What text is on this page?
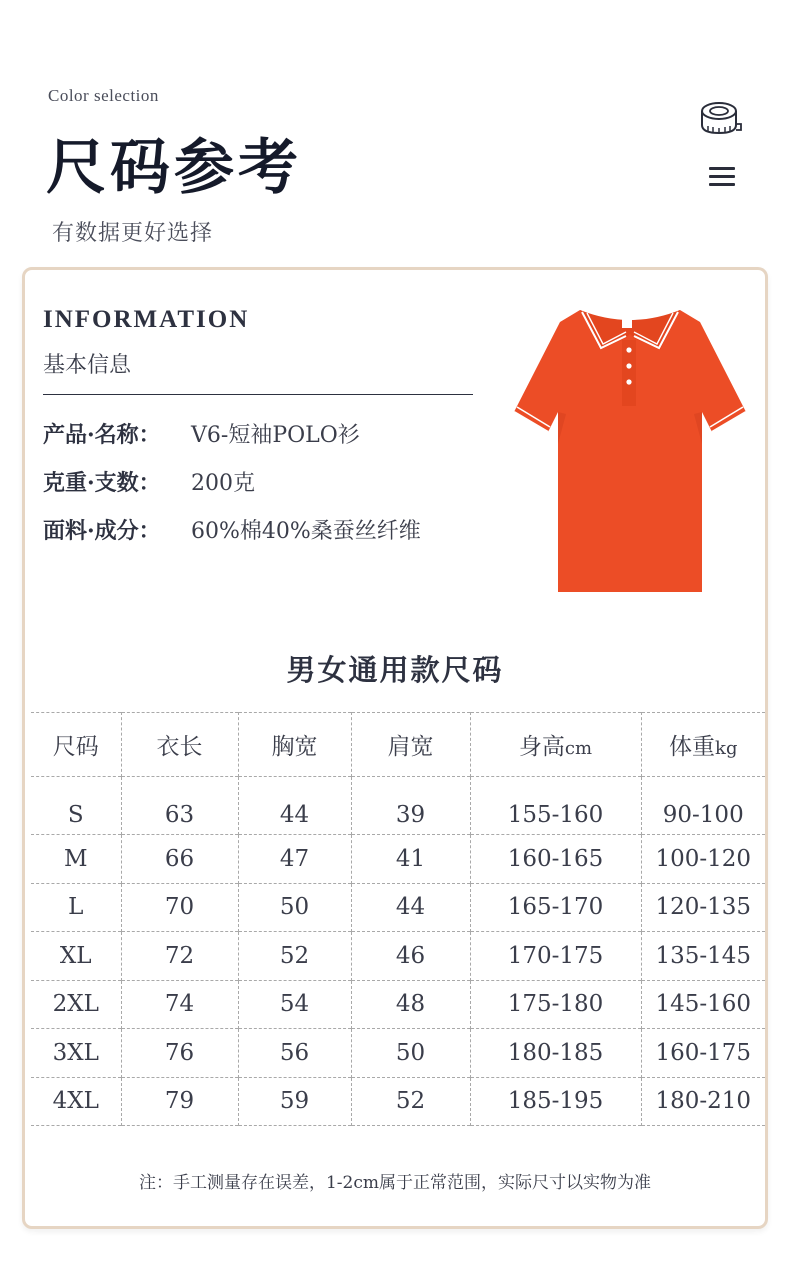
Color selection
尺码参考
有数据更好选择
INFORMATION
基本信息
产品·名称： V6-短袖POLO衫
克重·支数： 200克
面料·成分： 60%棉40%桑蚕丝纤维
男女通用款尺码
尺码	衣长	胸宽	肩宽	身高cm	体重kg
S	63	44	39	155-160	90-100
M	66	47	41	160-165	100-120
L	70	50	44	165-170	120-135
XL	72	52	46	170-175	135-145
2XL	74	54	48	175-180	145-160
3XL	76	56	50	180-185	160-175
4XL	79	59	52	185-195	180-210
注：手工测量存在误差，1-2cm属于正常范围，实际尺寸以实物为准
